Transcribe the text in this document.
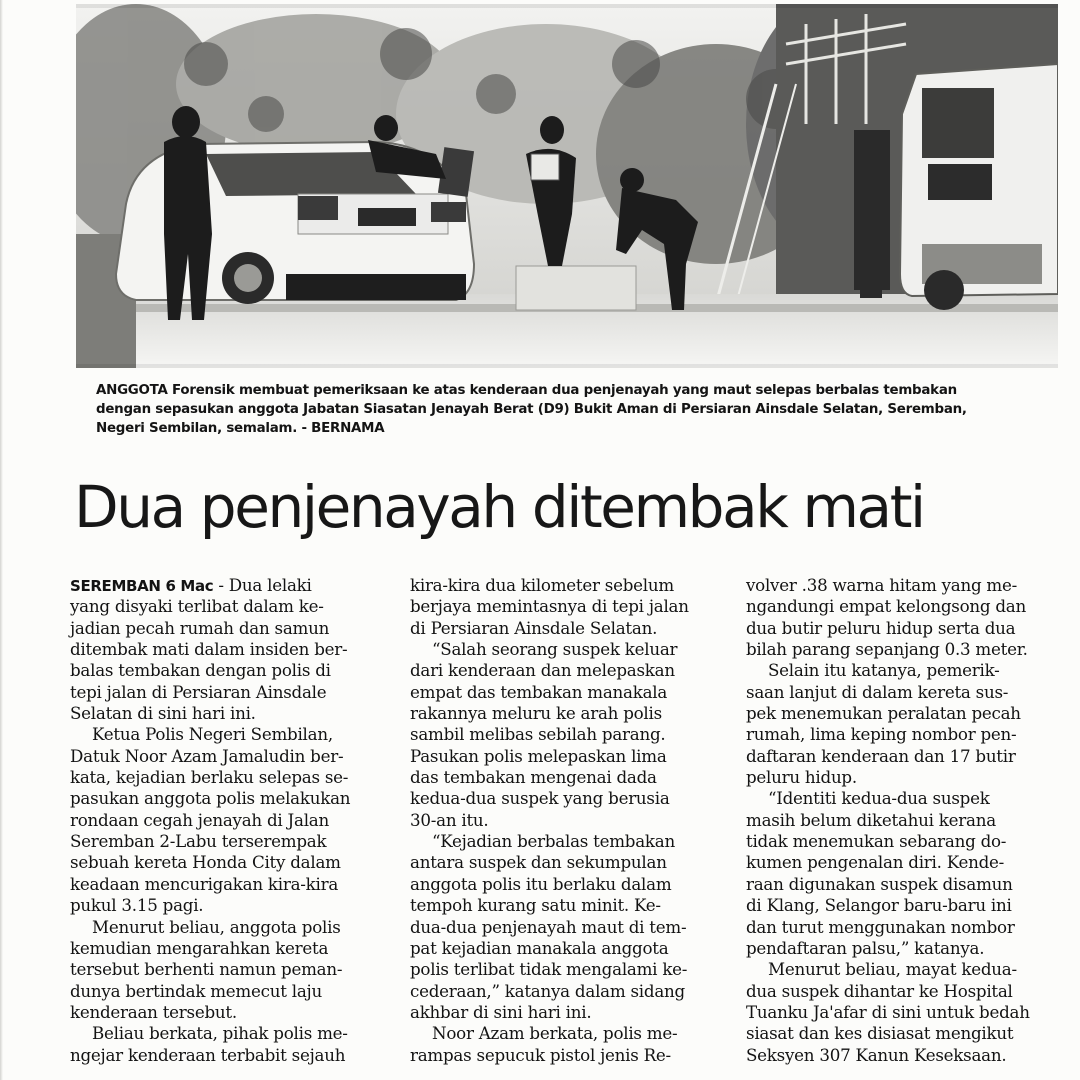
ANGGOTA Forensik membuat pemeriksaan ke atas kenderaan dua penjenayah yang maut selepas berbalas tembakan
dengan sepasukan anggota Jabatan Siasatan Jenayah Berat (D9) Bukit Aman di Persiaran Ainsdale Selatan, Seremban,
Negeri Sembilan, semalam. - BERNAMA
Dua penjenayah ditembak mati
SEREMBAN 6 Mac - Dua lelaki
yang disyaki terlibat dalam ke-
jadian pecah rumah dan samun
ditembak mati dalam insiden ber-
balas tembakan dengan polis di
tepi jalan di Persiaran Ainsdale
Selatan di sini hari ini.
Ketua Polis Negeri Sembilan,
Datuk Noor Azam Jamaludin ber-
kata, kejadian berlaku selepas se-
pasukan anggota polis melakukan
rondaan cegah jenayah di Jalan
Seremban 2-Labu terserempak
sebuah kereta Honda City dalam
keadaan mencurigakan kira-kira
pukul 3.15 pagi.
Menurut beliau, anggota polis
kemudian mengarahkan kereta
tersebut berhenti namun peman-
dunya bertindak memecut laju
kenderaan tersebut.
Beliau berkata, pihak polis me-
ngejar kenderaan terbabit sejauh
kira-kira dua kilometer sebelum
berjaya memintasnya di tepi jalan
di Persiaran Ainsdale Selatan.
“Salah seorang suspek keluar
dari kenderaan dan melepaskan
empat das tembakan manakala
rakannya meluru ke arah polis
sambil melibas sebilah parang.
Pasukan polis melepaskan lima
das tembakan mengenai dada
kedua-dua suspek yang berusia
30-an itu.
“Kejadian berbalas tembakan
antara suspek dan sekumpulan
anggota polis itu berlaku dalam
tempoh kurang satu minit. Ke-
dua-dua penjenayah maut di tem-
pat kejadian manakala anggota
polis terlibat tidak mengalami ke-
cederaan,” katanya dalam sidang
akhbar di sini hari ini.
Noor Azam berkata, polis me-
rampas sepucuk pistol jenis Re-
volver .38 warna hitam yang me-
ngandungi empat kelongsong dan
dua butir peluru hidup serta dua
bilah parang sepanjang 0.3 meter.
Selain itu katanya, pemerik-
saan lanjut di dalam kereta sus-
pek menemukan peralatan pecah
rumah, lima keping nombor pen-
daftaran kenderaan dan 17 butir
peluru hidup.
“Identiti kedua-dua suspek
masih belum diketahui kerana
tidak menemukan sebarang do-
kumen pengenalan diri. Kende-
raan digunakan suspek disamun
di Klang, Selangor baru-baru ini
dan turut menggunakan nombor
pendaftaran palsu,” katanya.
Menurut beliau, mayat kedua-
dua suspek dihantar ke Hospital
Tuanku Ja'afar di sini untuk bedah
siasat dan kes disiasat mengikut
Seksyen 307 Kanun Keseksaan.
